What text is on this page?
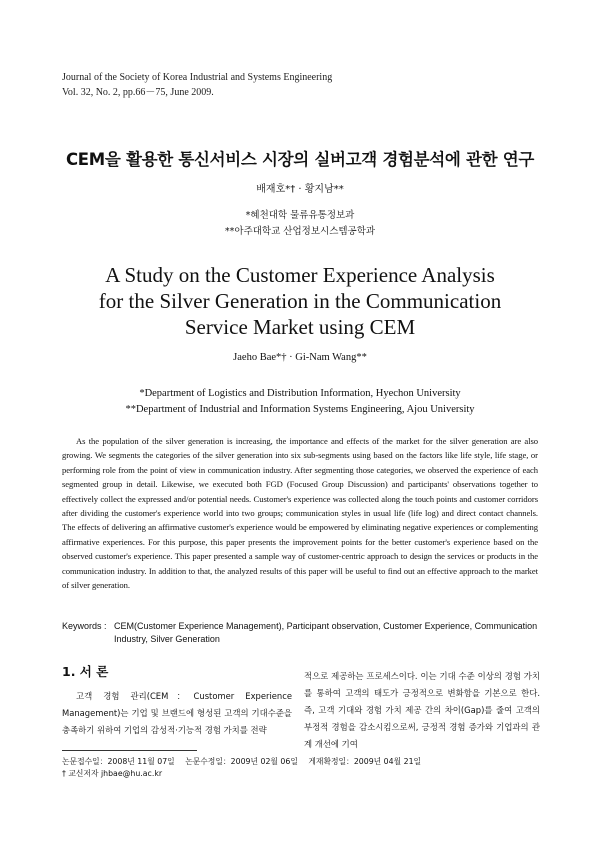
Journal of the Society of Korea Industrial and Systems Engineering
Vol. 32, No. 2, pp.66－75, June 2009.
CEM을 활용한 통신서비스 시장의 실버고객 경험분석에 관한 연구
배재호*† · 황지남**
*혜천대학 물류유통정보과
**아주대학교 산업정보시스템공학과
A Study on the Customer Experience Analysis
for the Silver Generation in the Communication
Service Market using CEM
Jaeho Bae*† · Gi-Nam Wang**
*Department of Logistics and Distribution Information, Hyechon University
**Department of Industrial and Information Systems Engineering, Ajou University
As the population of the silver generation is increasing, the importance and effects of the market for the silver generation are also growing. We segments the categories of the silver generation into six sub-segments using based on the factors like life style, life stage, or performing role from the point of view in communication industry. After segmenting those categories, we observed the experience of each segmented group in detail. Likewise, we executed both FGD (Focused Group Discussion) and participants' observations together to effectively collect the expressed and/or potential needs. Customer's experience was collected along the touch points and customer corridors after dividing the customer's experience world into two groups; communication styles in usual life (life log) and direct contact channels. The effects of delivering an affirmative customer's experience would be empowered by eliminating negative experiences or complementing affirmative experiences. For this purpose, this paper presents the improvement points for the better customer's experience based on the observed customer's experience. This paper presented a sample way of customer-centric approach to design the services or products in the communication industry. In addition to that, the analyzed results of this paper will be useful to find out an effective approach to the market of silver generation.
Keywords : CEM(Customer Experience Management), Participant observation, Customer Experience, Communication Industry, Silver Generation
1. 서 론
고객 경험 관리(CEM：Customer Experience Management)는 기업 및 브랜드에 형성된 고객의 기대수준을 충족하기 위하여 기업의 감성적·기능적 경험 가치를 전략
적으로 제공하는 프로세스이다. 이는 기대 수준 이상의 경험 가치를 통하여 고객의 태도가 긍정적으로 변화함을 기본으로 한다. 즉, 고객 기대와 경험 가치 제공 간의 차이(Gap)를 줄여 고객의 부정적 경험을 감소시킴으로써, 긍정적 경험 증가와 기업과의 관계 개선에 기여
논문접수일：2008년 11월 07일 논문수정일：2009년 02월 06일 게재확정일：2009년 04월 21일
† 교신저자 jhbae@hu.ac.kr
